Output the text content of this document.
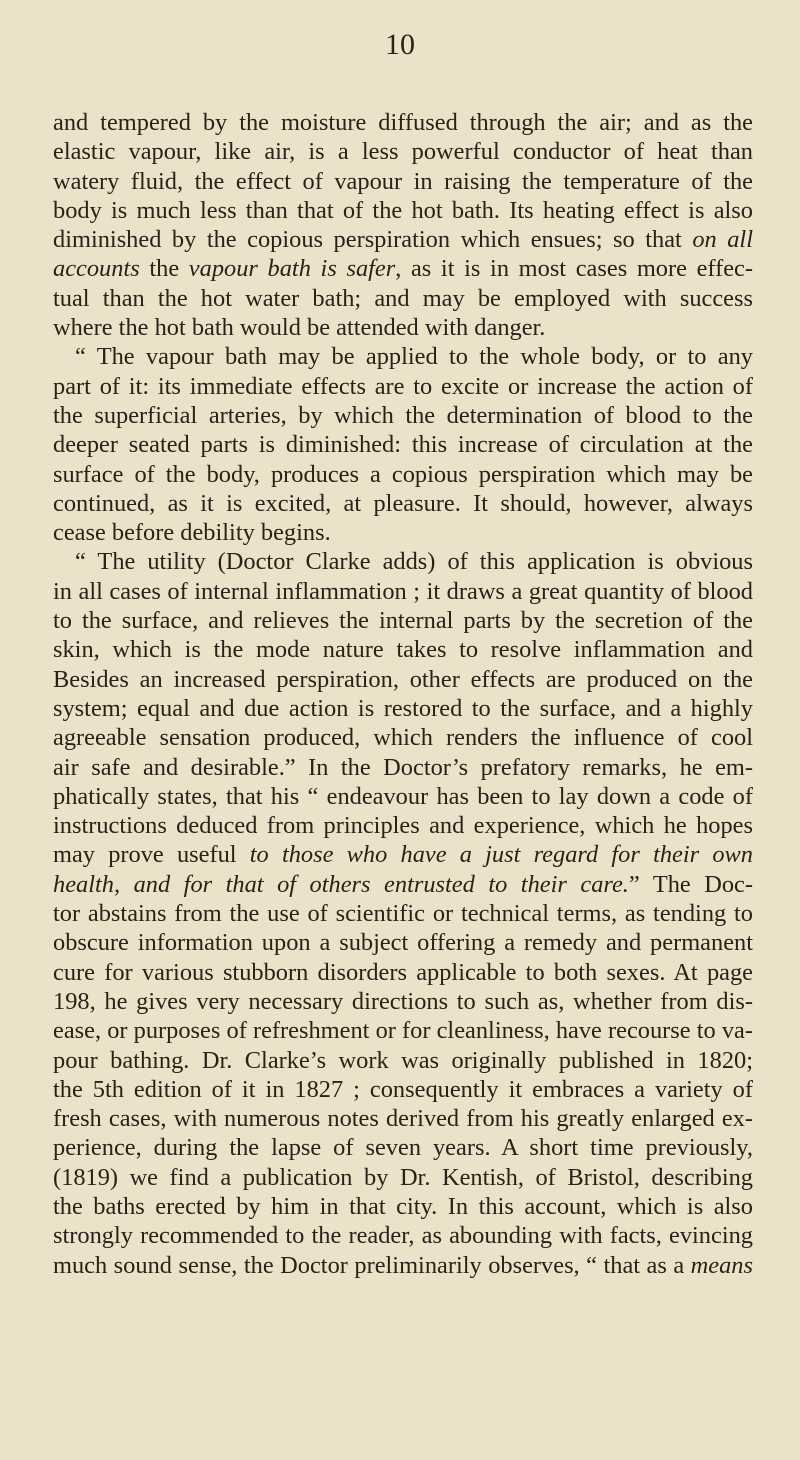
10
and tempered by the moisture diffused through the air; and as the
elastic vapour, like air, is a less powerful conductor of heat than
watery fluid, the effect of vapour in raising the temperature of the
body is much less than that of the hot bath. Its heating effect is also
diminished by the copious perspiration which ensues; so that on all
accounts the vapour bath is safer, as it is in most cases more effec-
tual than the hot water bath; and may be employed with success
where the hot bath would be attended with danger.
“ The vapour bath may be applied to the whole body, or to any
part of it: its immediate effects are to excite or increase the action of
the superficial arteries, by which the determination of blood to the
deeper seated parts is diminished: this increase of circulation at the
surface of the body, produces a copious perspiration which may be
continued, as it is excited, at pleasure. It should, however, always
cease before debility begins.
“ The utility (Doctor Clarke adds) of this application is obvious
in all cases of internal inflammation ; it draws a great quantity of blood
to the surface, and relieves the internal parts by the secretion of the
skin, which is the mode nature takes to resolve inflammation and
Besides an increased perspiration, other effects are produced on the
system; equal and due action is restored to the surface, and a highly
agreeable sensation produced, which renders the influence of cool
air safe and desirable.” In the Doctor’s prefatory remarks, he em-
phatically states, that his “ endeavour has been to lay down a code of
instructions deduced from principles and experience, which he hopes
may prove useful to those who have a just regard for their own
health, and for that of others entrusted to their care.” The Doc-
tor abstains from the use of scientific or technical terms, as tending to
obscure information upon a subject offering a remedy and permanent
cure for various stubborn disorders applicable to both sexes. At page
198, he gives very necessary directions to such as, whether from dis-
ease, or purposes of refreshment or for cleanliness, have recourse to va-
pour bathing. Dr. Clarke’s work was originally published in 1820;
the 5th edition of it in 1827 ; consequently it embraces a variety of
fresh cases, with numerous notes derived from his greatly enlarged ex-
perience, during the lapse of seven years. A short time previously,
(1819) we find a publication by Dr. Kentish, of Bristol, describing
the baths erected by him in that city. In this account, which is also
strongly recommended to the reader, as abounding with facts, evincing
much sound sense, the Doctor preliminarily observes, “ that as a means
